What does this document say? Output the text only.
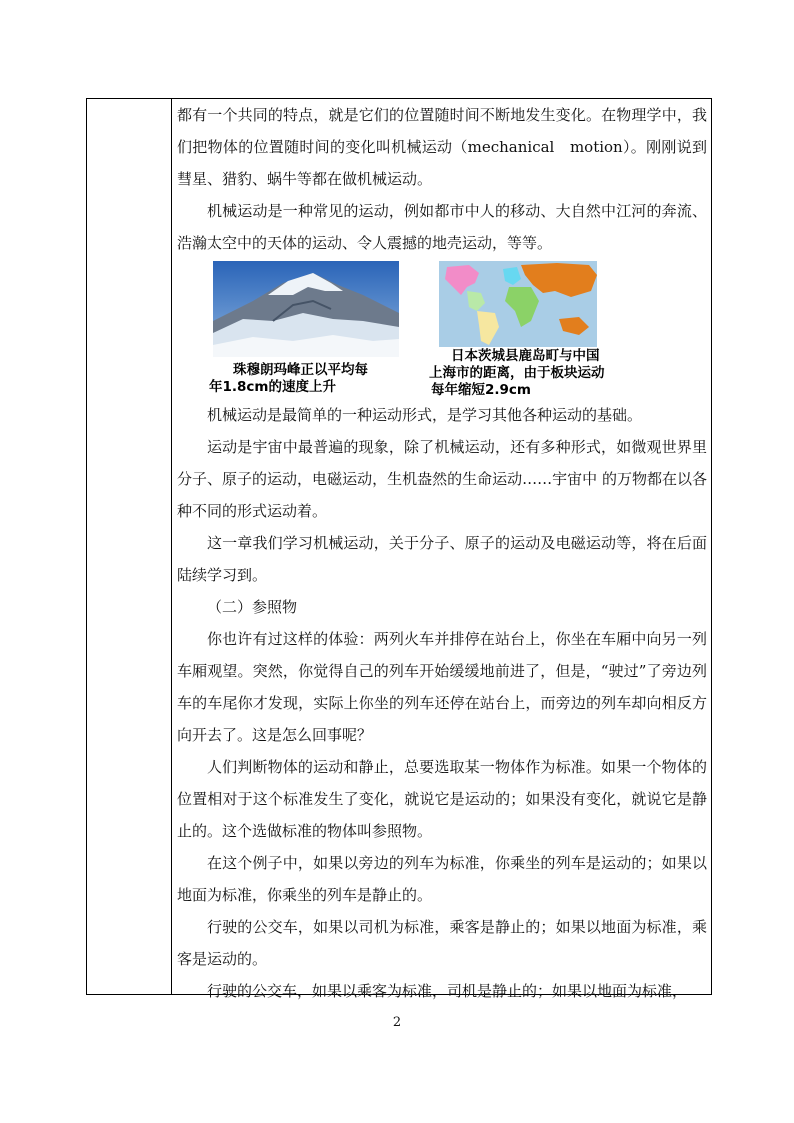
都有一个共同的特点，就是它们的位置随时间不断地发生变化。在物理学中，我们把物体的位置随时间的变化叫机械运动（mechanical　motion）。刚刚说到彗星、猎豹、蜗牛等都在做机械运动。

机械运动是一种常见的运动，例如都市中人的移动、大自然中江河的奔流、浩瀚太空中的天体的运动、令人震撼的地壳运动，等等。

珠穆朗玛峰正以平均每
年1.8cm的速度上升
日本茨城县鹿岛町与中国
上海市的距离，由于板块运动
每年缩短2.9cm

机械运动是最简单的一种运动形式，是学习其他各种运动的基础。

运动是宇宙中最普遍的现象，除了机械运动，还有多种形式，如微观世界里分子、原子的运动，电磁运动，生机盎然的生命运动……宇宙中 的万物都在以各种不同的形式运动着。

这一章我们学习机械运动，关于分子、原子的运动及电磁运动等，将在后面陆续学习到。

（二）参照物

你也许有过这样的体验：两列火车并排停在站台上，你坐在车厢中向另一列车厢观望。突然，你觉得自己的列车开始缓缓地前进了，但是，“驶过”了旁边列车的车尾你才发现，实际上你坐的列车还停在站台上，而旁边的列车却向相反方向开去了。这是怎么回事呢？

人们判断物体的运动和静止，总要选取某一物体作为标准。如果一个物体的位置相对于这个标准发生了变化，就说它是运动的；如果没有变化，就说它是静止的。这个选做标准的物体叫参照物。

在这个例子中，如果以旁边的列车为标准，你乘坐的列车是运动的；如果以地面为标准，你乘坐的列车是静止的。

行驶的公交车，如果以司机为标准，乘客是静止的；如果以地面为标准，乘客是运动的。

行驶的公交车，如果以乘客为标准，司机是静止的；如果以地面为标准，

2
